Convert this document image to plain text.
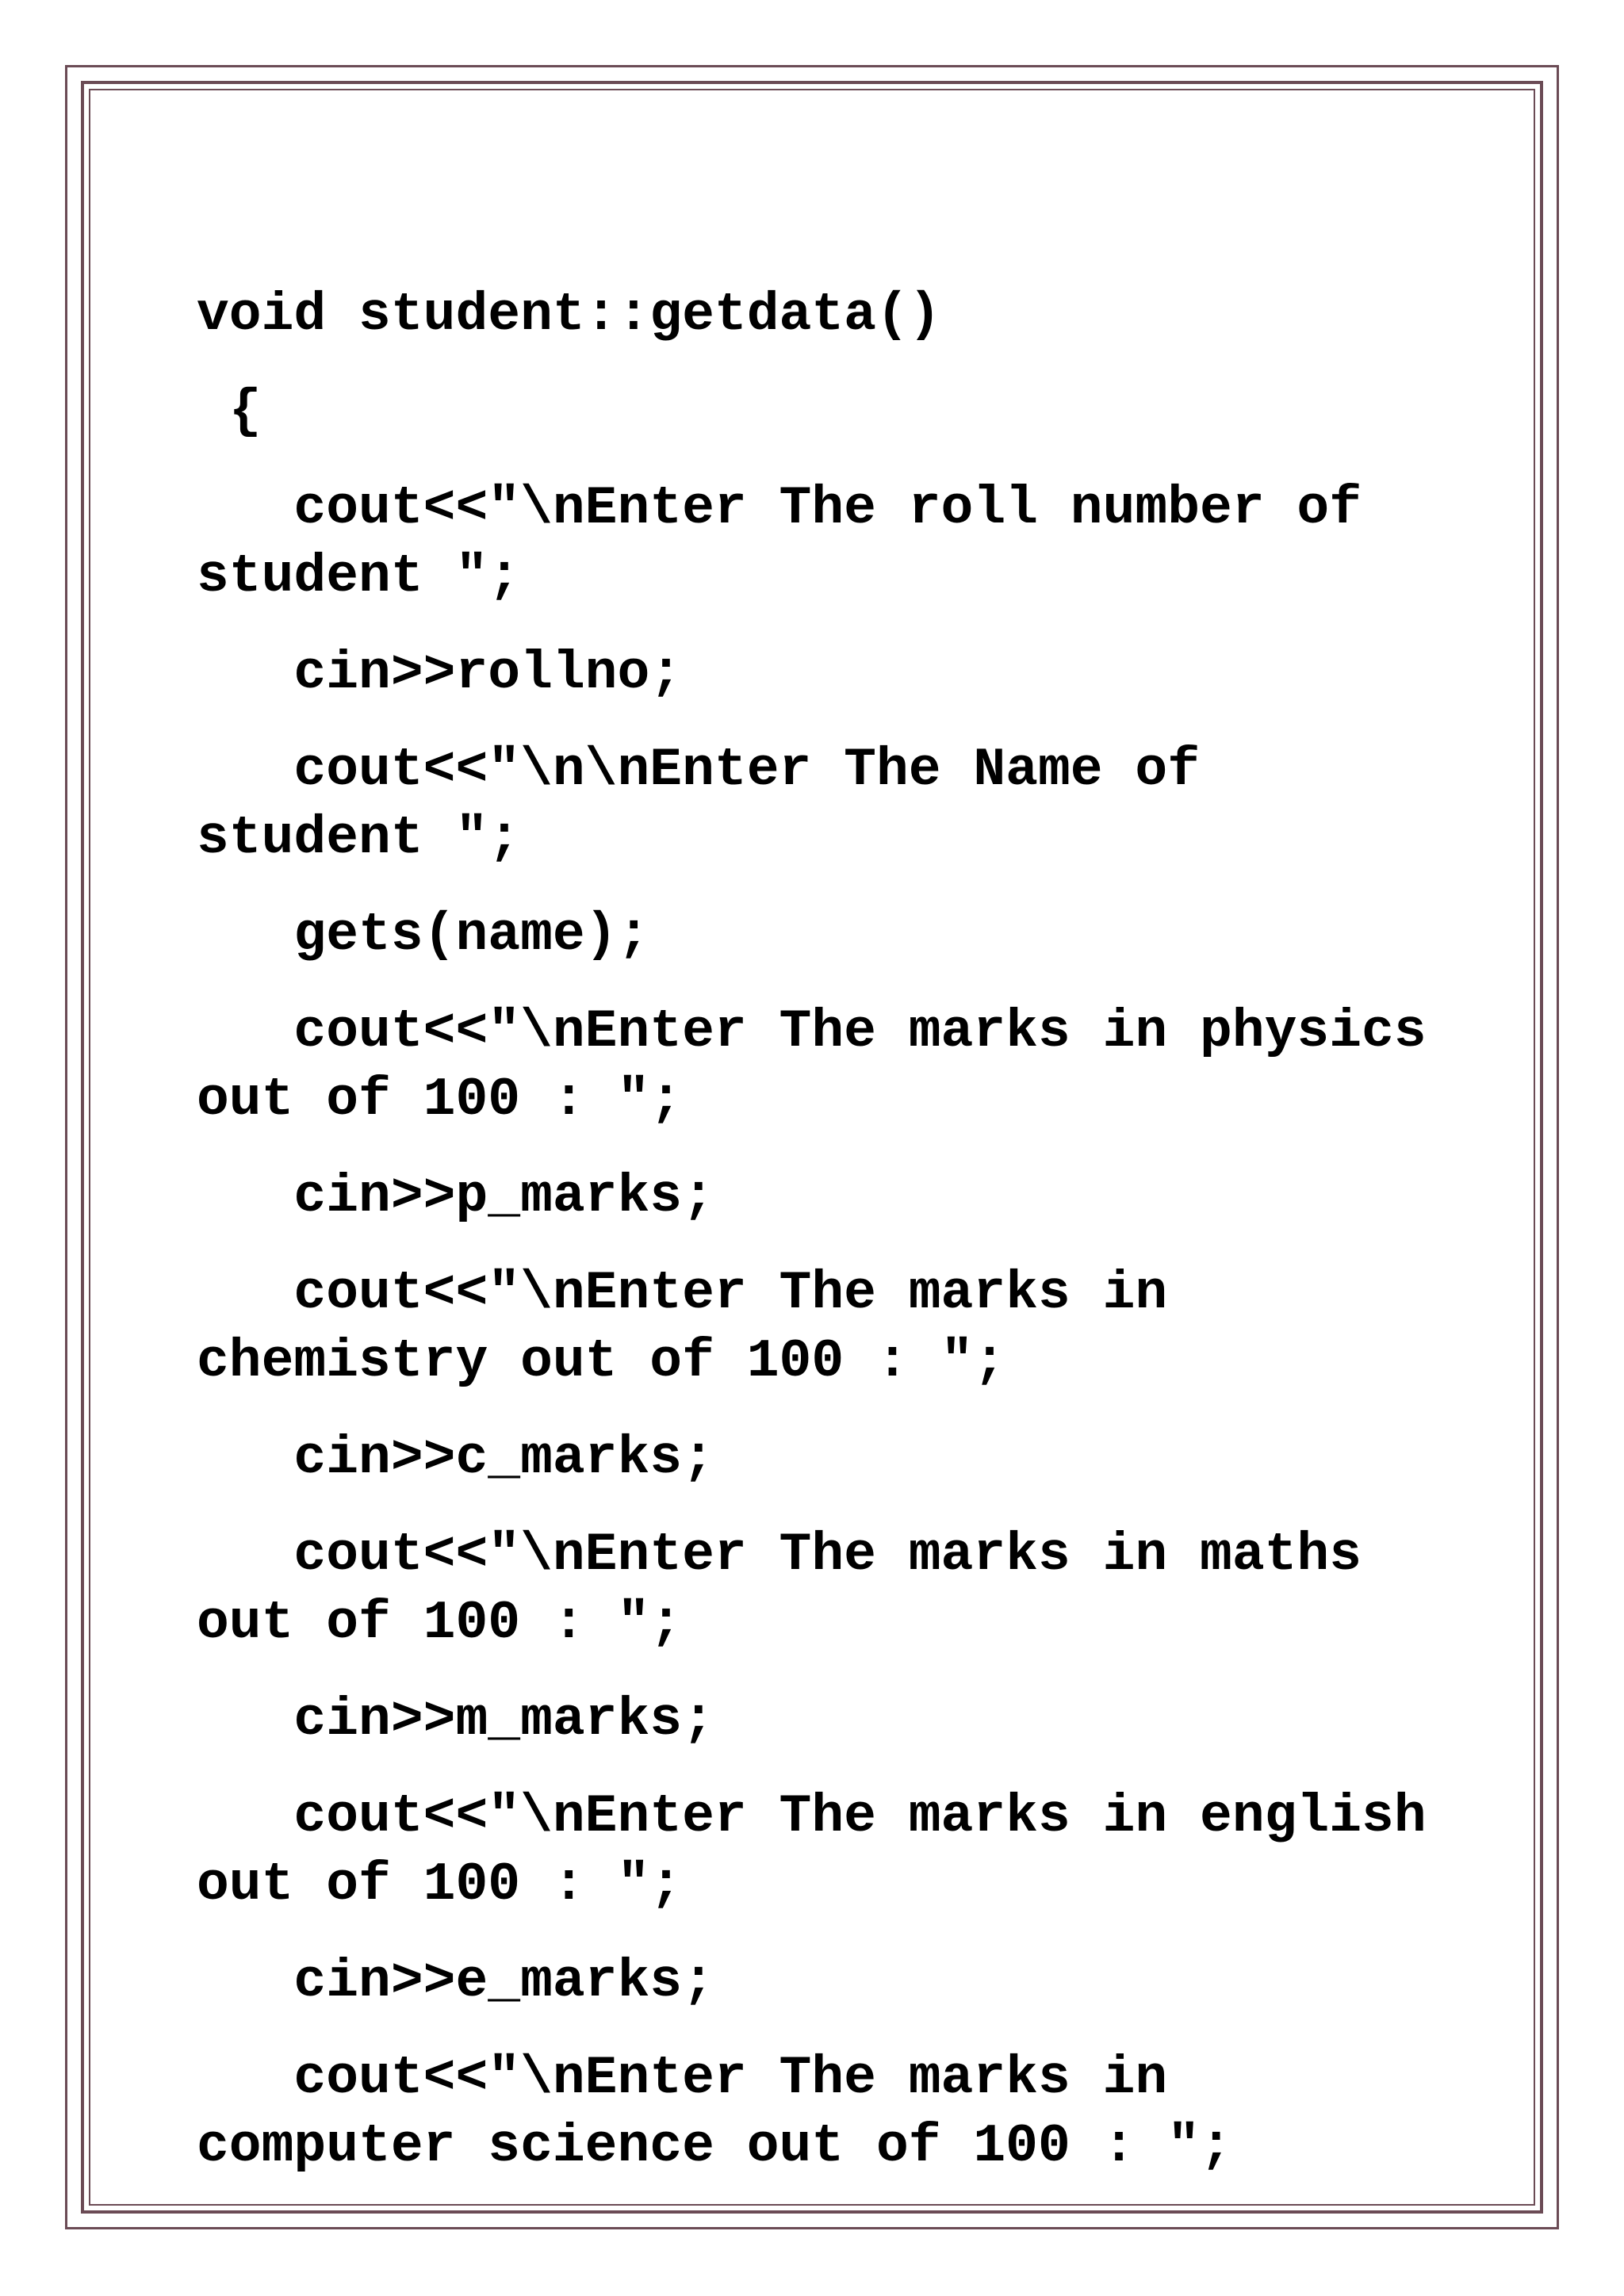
void student::getdata()

{

cout<<"\nEnter The roll number of student ";

cin>>rollno;

cout<<"\n\nEnter The Name of student ";

gets(name);

cout<<"\nEnter The marks in physics out of 100 : ";

cin>>p_marks;

cout<<"\nEnter The marks in chemistry out of 100 : ";

cin>>c_marks;

cout<<"\nEnter The marks in maths out of 100 : ";

cin>>m_marks;

cout<<"\nEnter The marks in english out of 100 : ";

cin>>e_marks;

cout<<"\nEnter The marks in computer science out of 100 : ";
